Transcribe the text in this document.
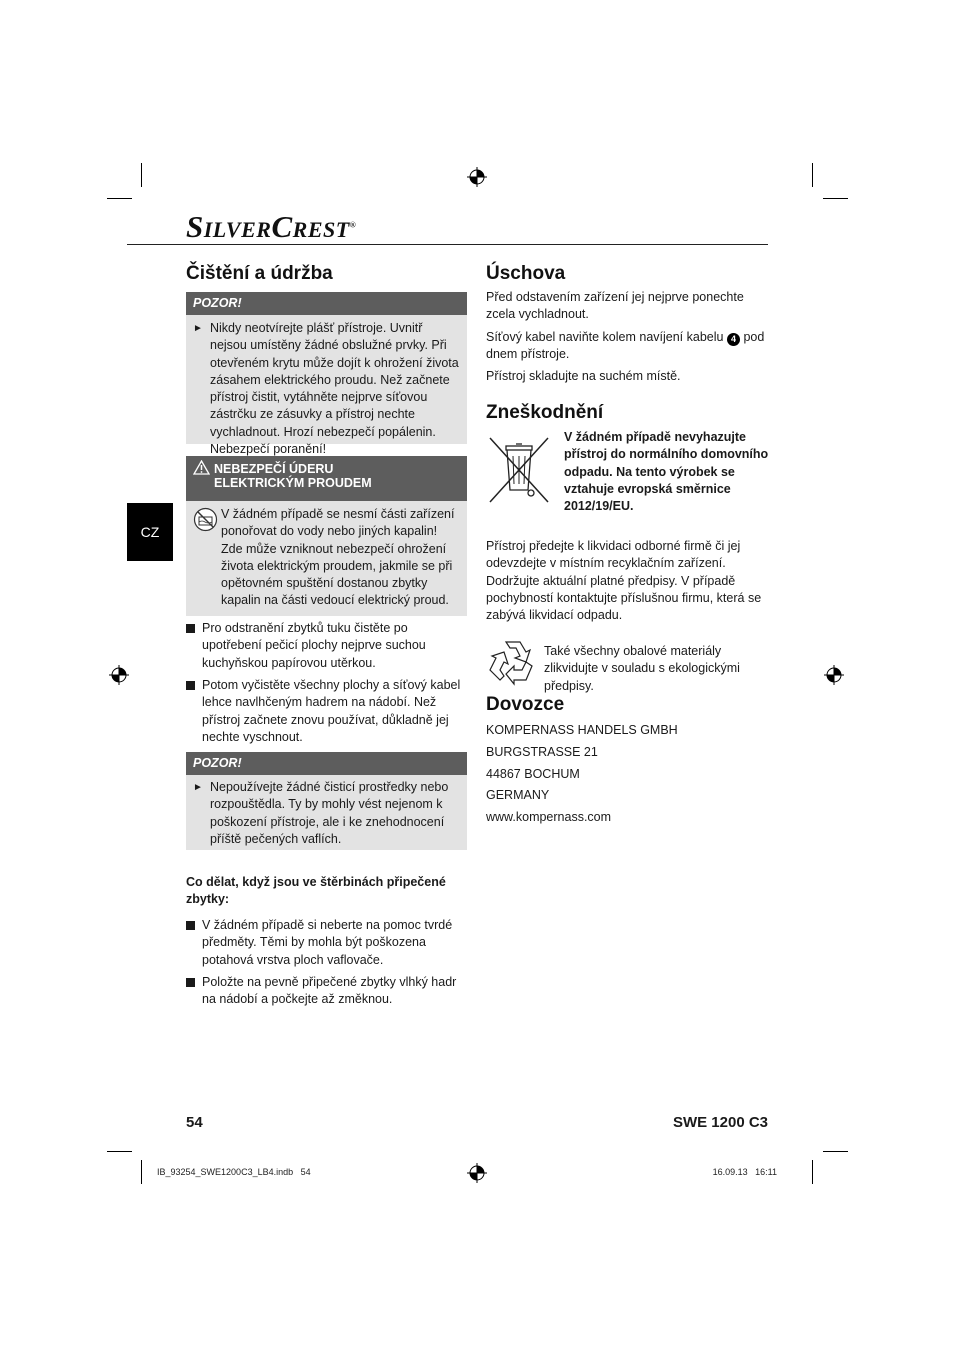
SILVERCREST®
CZ
Čištění a údržba
POZOR!
► Nikdy neotvírejte plášť přístroje. Uvnitř nejsou umístěny žádné obslužné prvky. Při otevřeném krytu může dojít k ohrožení života zásahem elektrického proudu. Než začnete přístroj čistit, vytáhněte nejprve síťovou zástrčku ze zásuvky a přístroj nechte vychladnout. Hrozí nebezpečí popálenin. Nebezpečí poranění!
NEBEZPEČÍ ÚDERU
ELEKTRICKÝM PROUDEM
V žádném případě se nesmí části zařízení ponořovat do vody nebo jiných kapalin! Zde může vzniknout nebezpečí ohrožení života elektrickým proudem, jakmile se při opětovném spuštění dostanou zbytky kapalin na části vedoucí elektrický proud.
Pro odstranění zbytků tuku čistěte po upotřebení pečicí plochy nejprve suchou kuchyňskou papírovou utěrkou.
Potom vyčistěte všechny plochy a síťový kabel lehce navlhčeným hadrem na nádobí. Než přístroj začnete znovu používat, důkladně jej nechte vyschnout.
POZOR!
► Nepoužívejte žádné čisticí prostředky nebo rozpouštědla. Ty by mohly vést nejenom k poškození přístroje, ale i ke znehodnocení příště pečených vaflích.
Co dělat, když jsou ve štěrbinách připečené zbytky:
V žádném případě si neberte na pomoc tvrdé předměty. Těmi by mohla být poškozena potahová vrstva ploch vaflovače.
Položte na pevně připečené zbytky vlhký hadr na nádobí a počkejte až změknou.
Úschova

Před odstavením zařízení jej nejprve ponechte zcela vychladnout.

Síťový kabel naviňte kolem navíjení kabelu 4 pod dnem přístroje.

Přístroj skladujte na suchém místě.

Zneškodnění
V žádném případě nevyhazujte přístroj do normálního domovního odpadu. Na tento výrobek se vztahuje evropská směrnice 2012/19/EU.
Přístroj předejte k likvidaci odborné firmě či jej odevzdejte v místním recyklačním zařízení. Dodržujte aktuální platné předpisy. V případě pochybností kontaktujte příslušnou firmu, která se zabývá likvidací odpadu.
Také všechny obalové materiály zlikvidujte v souladu s ekologickými předpisy.
Dovozce
KOMPERNASS HANDELS GMBH
BURGSTRASSE 21
44867 BOCHUM
GERMANY
www.kompernass.com
54	SWE 1200 C3
IB_93254_SWE1200C3_LB4.indb   54	16.09.13   16:11
